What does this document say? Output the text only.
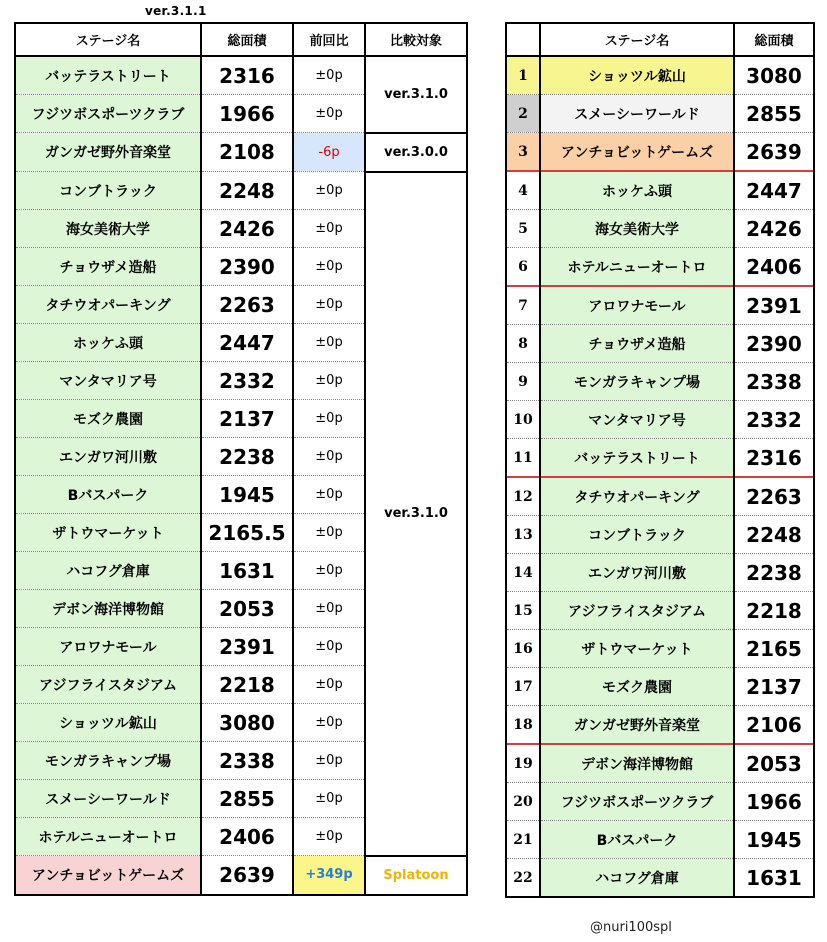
ver.3.1.1
ステージ名	総面積	前回比	比較対象
バッテラストリート	2316	±0p	ver.3.1.0
フジツボスポーツクラブ	1966	±0p	
ガンガゼ野外音楽堂	2108	-6p	ver.3.0.0
コンブトラック	2248	±0p	ver.3.1.0
海女美術大学	2426	±0p	
チョウザメ造船	2390	±0p	
タチウオパーキング	2263	±0p	
ホッケふ頭	2447	±0p	
マンタマリア号	2332	±0p	
モズク農園	2137	±0p	
エンガワ河川敷	2238	±0p	
Bバスパーク	1945	±0p	
ザトウマーケット	2165.5	±0p	
ハコフグ倉庫	1631	±0p	
デボン海洋博物館	2053	±0p	
アロワナモール	2391	±0p	
アジフライスタジアム	2218	±0p	
ショッツル鉱山	3080	±0p	
モンガラキャンプ場	2338	±0p	
スメーシーワールド	2855	±0p	
ホテルニューオートロ	2406	±0p	
アンチョビットゲームズ	2639	+349p	Splatoon
	ステージ名	総面積
1	ショッツル鉱山	3080
2	スメーシーワールド	2855
3	アンチョビットゲームズ	2639
4	ホッケふ頭	2447
5	海女美術大学	2426
6	ホテルニューオートロ	2406
7	アロワナモール	2391
8	チョウザメ造船	2390
9	モンガラキャンプ場	2338
10	マンタマリア号	2332
11	バッテラストリート	2316
12	タチウオパーキング	2263
13	コンブトラック	2248
14	エンガワ河川敷	2238
15	アジフライスタジアム	2218
16	ザトウマーケット	2165
17	モズク農園	2137
18	ガンガゼ野外音楽堂	2106
19	デボン海洋博物館	2053
20	フジツボスポーツクラブ	1966
21	Bバスパーク	1945
22	ハコフグ倉庫	1631
@nuri100spl
